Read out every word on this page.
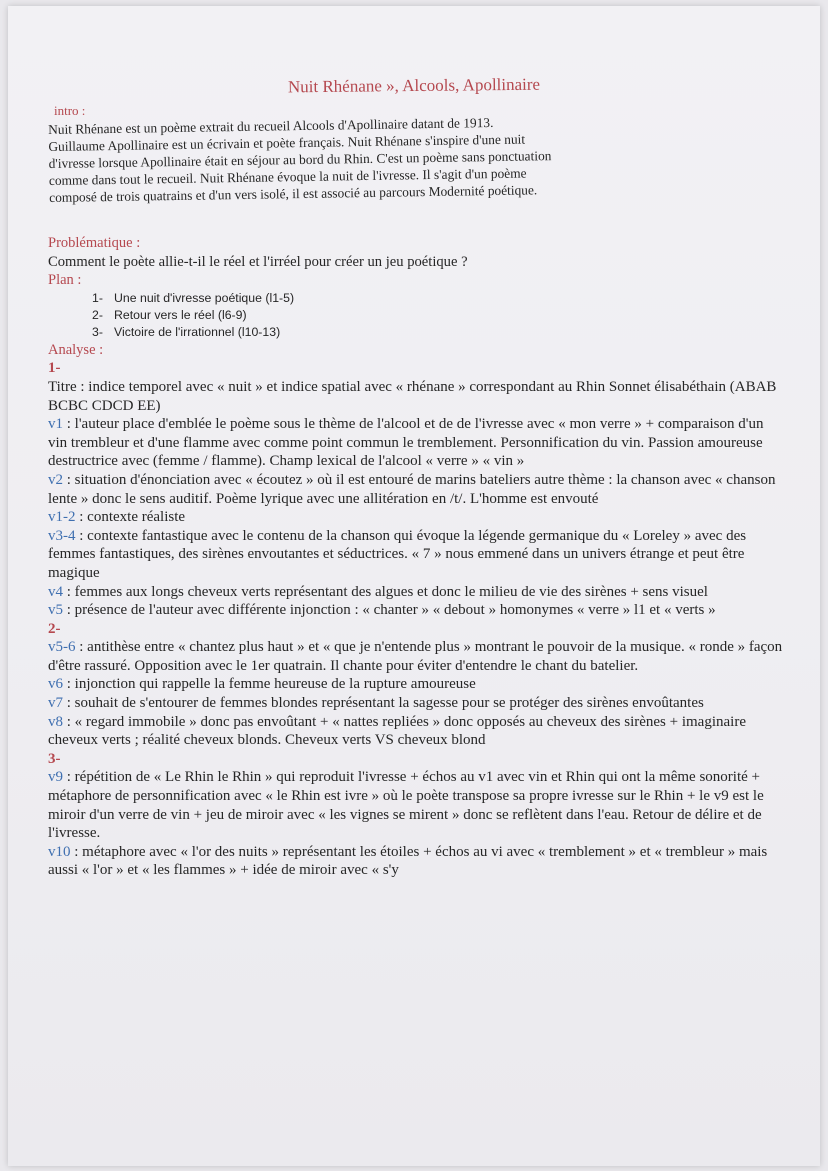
Nuit Rhénane », Alcools, Apollinaire
intro :
Nuit Rhénane est un poème extrait du recueil Alcools d'Apollinaire datant de 1913.
Guillaume Apollinaire est un écrivain et poète français. Nuit Rhénane s'inspire d'une nuit
d'ivresse lorsque Apollinaire était en séjour au bord du Rhin. C'est un poème sans ponctuation
comme dans tout le recueil. Nuit Rhénane évoque la nuit de l'ivresse. Il s'agit d'un poème
composé de trois quatrains et d'un vers isolé, il est associé au parcours Modernité poétique.
Problématique :
Comment le poète allie-t-il le réel et l'irréel pour créer un jeu poétique ?
Plan :
1- Une nuit d'ivresse poétique (l1-5)
2- Retour vers le réel (l6-9)
3- Victoire de l'irrationnel (l10-13)
Analyse :
1-
Titre : indice temporel avec « nuit » et indice spatial avec « rhénane » correspondant au Rhin Sonnet élisabéthain (ABAB BCBC CDCD EE)
v1 : l'auteur place d'emblée le poème sous le thème de l'alcool et de de l'ivresse avec « mon verre » + comparaison d'un vin trembleur et d'une flamme avec comme point commun le tremblement. Personnification du vin. Passion amoureuse destructrice avec (femme / flamme). Champ lexical de l'alcool « verre » « vin »
v2 : situation d'énonciation avec « écoutez » où il est entouré de marins bateliers autre thème : la chanson avec « chanson lente » donc le sens auditif. Poème lyrique avec une allitération en /t/. L'homme est envouté
v1-2 : contexte réaliste
v3-4 : contexte fantastique avec le contenu de la chanson qui évoque la légende germanique du « Loreley » avec des femmes fantastiques, des sirènes envoutantes et séductrices. « 7 » nous emmené dans un univers étrange et peut être magique
v4 : femmes aux longs cheveux verts représentant des algues et donc le milieu de vie des sirènes + sens visuel
v5 : présence de l'auteur avec différente injonction : « chanter » « debout » homonymes « verre » l1 et « verts »
2-
v5-6 : antithèse entre « chantez plus haut » et « que je n'entende plus » montrant le pouvoir de la musique. « ronde » façon d'être rassuré. Opposition avec le 1er quatrain. Il chante pour éviter d'entendre le chant du batelier.
v6 : injonction qui rappelle la femme heureuse de la rupture amoureuse
v7 : souhait de s'entourer de femmes blondes représentant la sagesse pour se protéger des sirènes envoûtantes
v8 : « regard immobile » donc pas envoûtant + « nattes repliées » donc opposés au cheveux des sirènes + imaginaire cheveux verts ; réalité cheveux blonds. Cheveux verts VS cheveux blond
3-
v9 : répétition de « Le Rhin le Rhin » qui reproduit l'ivresse + échos au v1 avec vin et Rhin qui ont la même sonorité + métaphore de personnification avec « le Rhin est ivre » où le poète transpose sa propre ivresse sur le Rhin + le v9 est le miroir d'un verre de vin + jeu de miroir avec « les vignes se mirent » donc se reflètent dans l'eau. Retour de délire et de l'ivresse.
v10 : métaphore avec « l'or des nuits » représentant les étoiles + échos au vi avec « tremblement » et « trembleur » mais aussi « l'or » et « les flammes » + idée de miroir avec « s'y
